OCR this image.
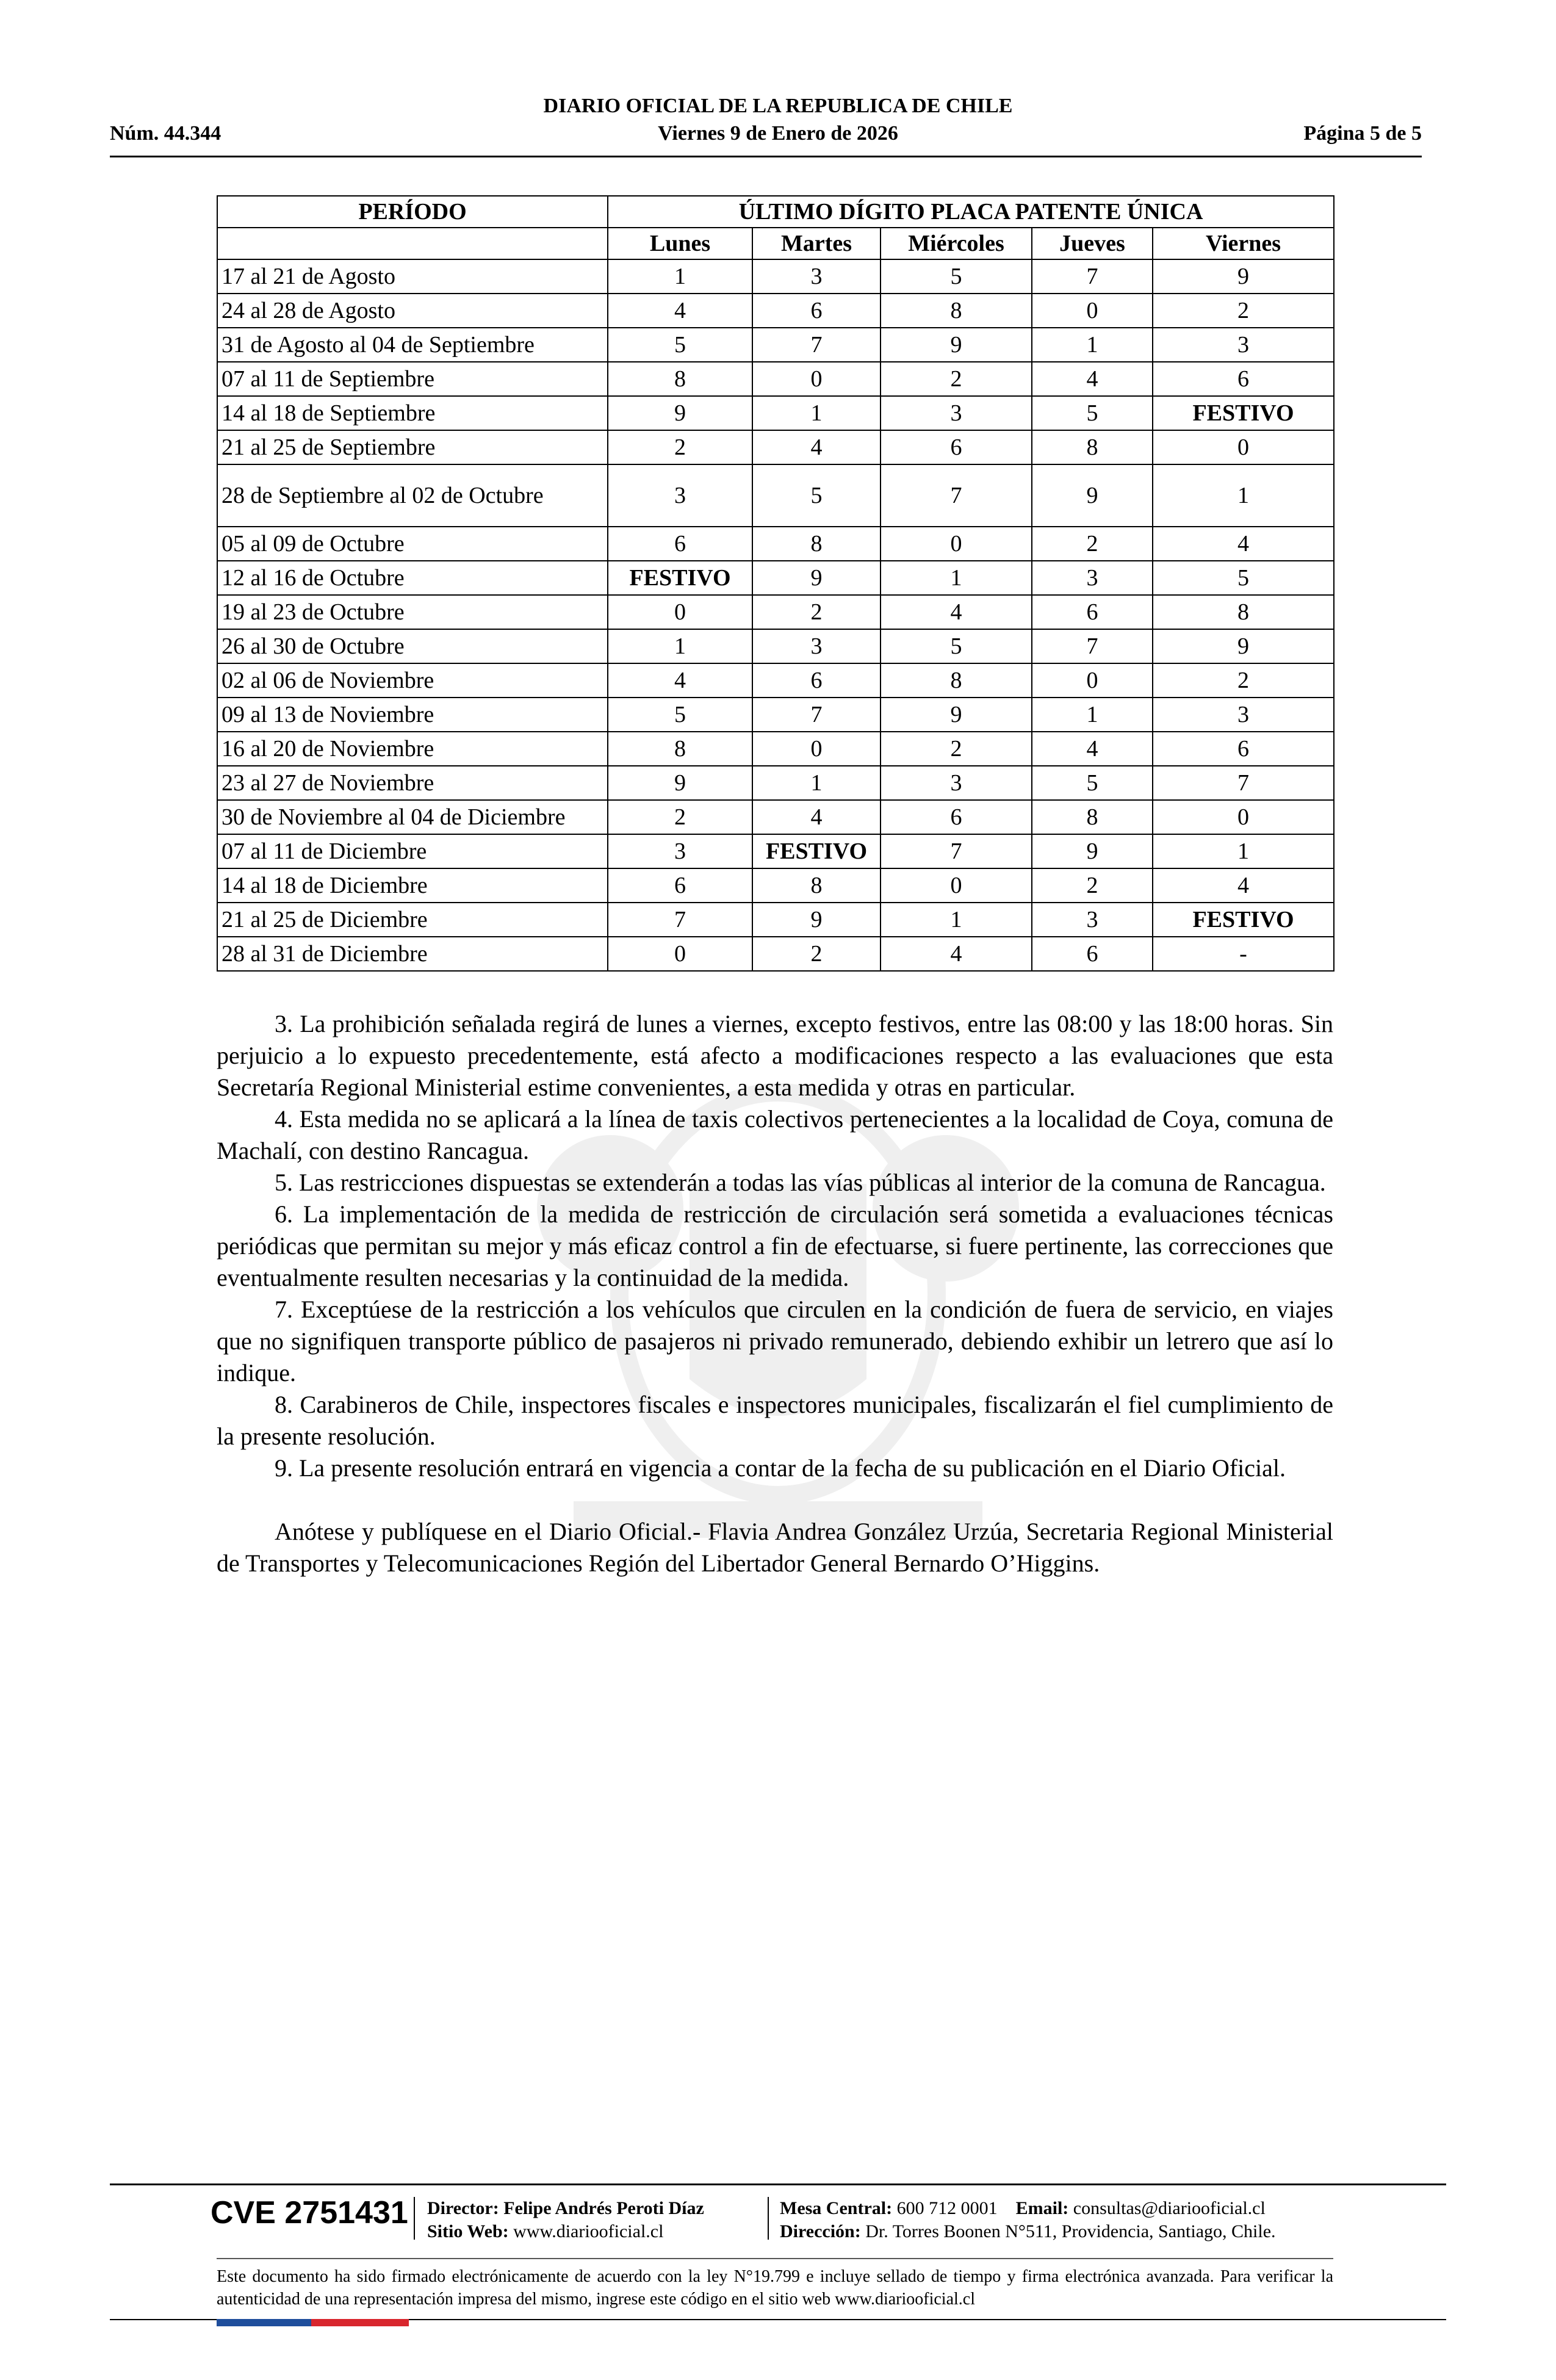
DIARIO OFICIAL DE LA REPUBLICA DE CHILE
Núm. 44.344	Viernes 9 de Enero de 2026	Página 5 de 5
PERÍODO	ÚLTIMO DÍGITO PLACA PATENTE ÚNICA				
	Lunes	Martes	Miércoles	Jueves	Viernes
17 al 21 de Agosto	1	3	5	7	9
24 al 28 de Agosto	4	6	8	0	2
31 de Agosto al 04 de Septiembre	5	7	9	1	3
07 al 11 de Septiembre	8	0	2	4	6
14 al 18 de Septiembre	9	1	3	5	FESTIVO
21 al 25 de Septiembre	2	4	6	8	0
28 de Septiembre al 02 de Octubre	3	5	7	9	1
05 al 09 de Octubre	6	8	0	2	4
12 al 16 de Octubre	FESTIVO	9	1	3	5
19 al 23 de Octubre	0	2	4	6	8
26 al 30 de Octubre	1	3	5	7	9
02 al 06 de Noviembre	4	6	8	0	2
09 al 13 de Noviembre	5	7	9	1	3
16 al 20 de Noviembre	8	0	2	4	6
23 al 27 de Noviembre	9	1	3	5	7
30 de Noviembre al 04 de Diciembre	2	4	6	8	0
07 al 11 de Diciembre	3	FESTIVO	7	9	1
14 al 18 de Diciembre	6	8	0	2	4
21 al 25 de Diciembre	7	9	1	3	FESTIVO
28 al 31 de Diciembre	0	2	4	6	-

3. La prohibición señalada regirá de lunes a viernes, excepto festivos, entre las 08:00 y las 18:00 horas. Sin perjuicio a lo expuesto precedentemente, está afecto a modificaciones respecto a las evaluaciones que esta Secretaría Regional Ministerial estime convenientes, a esta medida y otras en particular.

4. Esta medida no se aplicará a la línea de taxis colectivos pertenecientes a la localidad de Coya, comuna de Machalí, con destino Rancagua.

5. Las restricciones dispuestas se extenderán a todas las vías públicas al interior de la comuna de Rancagua.

6. La implementación de la medida de restricción de circulación será sometida a evaluaciones técnicas periódicas que permitan su mejor y más eficaz control a fin de efectuarse, si fuere pertinente, las correcciones que eventualmente resulten necesarias y la continuidad de la medida.

7. Exceptúese de la restricción a los vehículos que circulen en la condición de fuera de servicio, en viajes que no signifiquen transporte público de pasajeros ni privado remunerado, debiendo exhibir un letrero que así lo indique.

8. Carabineros de Chile, inspectores fiscales e inspectores municipales, fiscalizarán el fiel cumplimiento de la presente resolución.

9. La presente resolución entrará en vigencia a contar de la fecha de su publicación en el Diario Oficial.

Anótese y publíquese en el Diario Oficial.- Flavia Andrea González Urzúa, Secretaria Regional Ministerial de Transportes y Telecomunicaciones Región del Libertador General Bernardo O’Higgins.

CVE 2751431 Director: Felipe Andrés Peroti Díaz
Sitio Web: www.diariooficial.cl
Mesa Central: 600 712 0001 Email: consultas@diariooficial.cl
Dirección: Dr. Torres Boonen N°511, Providencia, Santiago, Chile.
Este documento ha sido firmado electrónicamente de acuerdo con la ley N°19.799 e incluye sellado de tiempo y firma electrónica avanzada. Para verificar la autenticidad de una representación impresa del mismo, ingrese este código en el sitio web www.diariooficial.cl
